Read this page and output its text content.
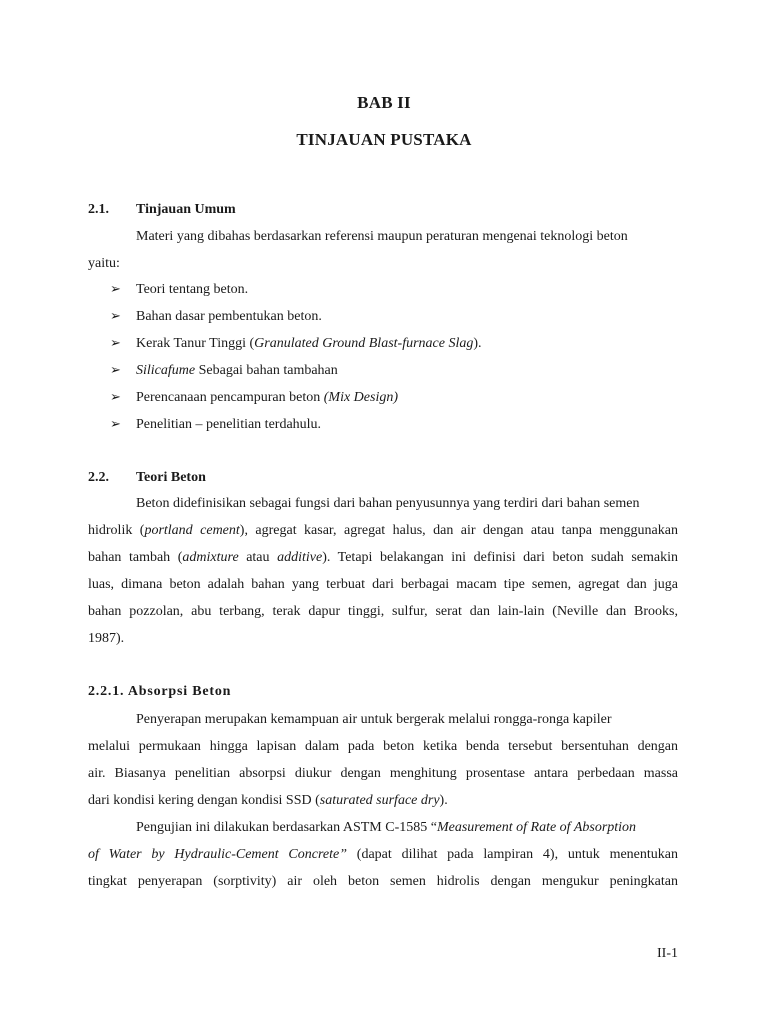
BAB II
TINJAUAN PUSTAKA
2.1. Tinjauan Umum
Materi yang dibahas berdasarkan referensi maupun peraturan mengenai teknologi beton
yaitu:
➢ Teori tentang beton.
➢ Bahan dasar pembentukan beton.
➢ Kerak Tanur Tinggi (Granulated Ground Blast-furnace Slag).
➢ Silicafume Sebagai bahan tambahan
➢ Perencanaan pencampuran beton (Mix Design)
➢ Penelitian – penelitian terdahulu.
2.2. Teori Beton
Beton didefinisikan sebagai fungsi dari bahan penyusunnya yang terdiri dari bahan semen
hidrolik (portland cement), agregat kasar, agregat halus, dan air dengan atau tanpa menggunakan
bahan tambah (admixture atau additive). Tetapi belakangan ini definisi dari beton sudah semakin
luas, dimana beton adalah bahan yang terbuat dari berbagai macam tipe semen, agregat dan juga
bahan pozzolan, abu terbang, terak dapur tinggi, sulfur, serat dan lain-lain (Neville dan Brooks,
1987).
2.2.1. Absorpsi Beton
Penyerapan merupakan kemampuan air untuk bergerak melalui rongga-ronga kapiler
melalui permukaan hingga lapisan dalam pada beton ketika benda tersebut bersentuhan dengan
air. Biasanya penelitian absorpsi diukur dengan menghitung prosentase antara perbedaan massa
dari kondisi kering dengan kondisi SSD (saturated surface dry).
Pengujian ini dilakukan berdasarkan ASTM C-1585 “Measurement of Rate of Absorption
of Water by Hydraulic-Cement Concrete” (dapat dilihat pada lampiran 4), untuk menentukan
tingkat penyerapan (sorptivity) air oleh beton semen hidrolis dengan mengukur peningkatan
II-1
